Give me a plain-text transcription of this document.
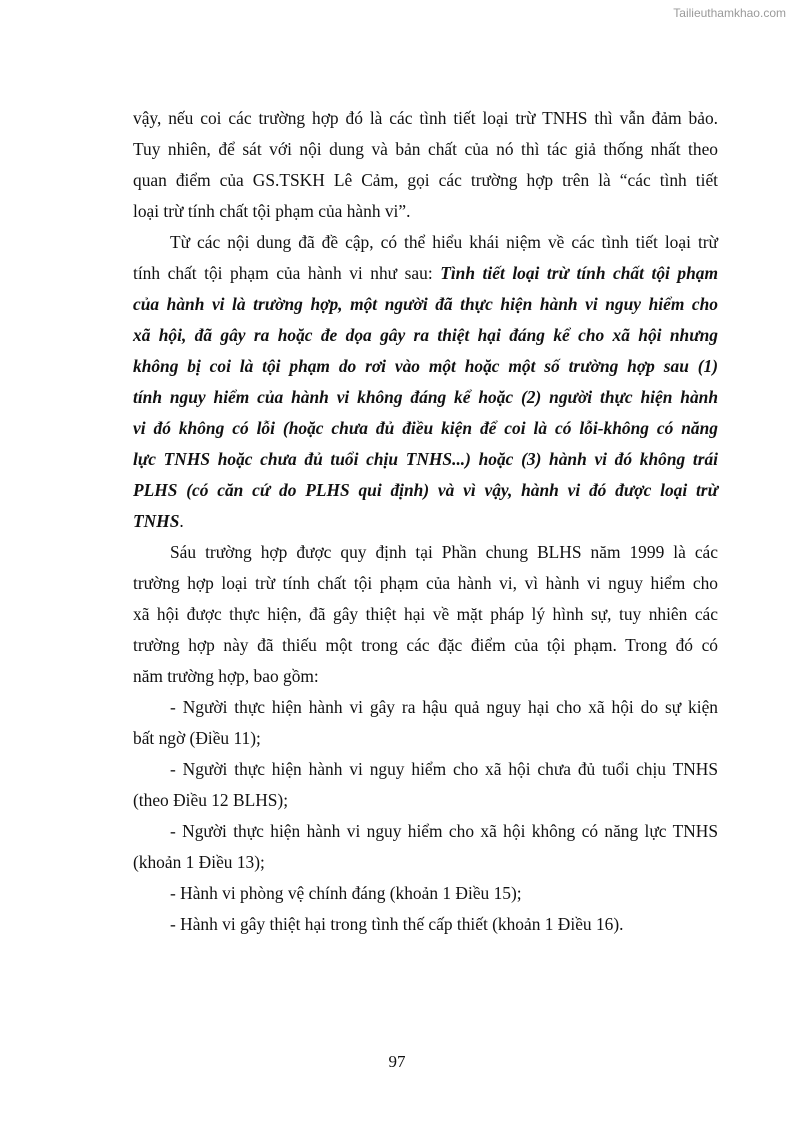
Tailieuthamkhao.com
vậy, nếu coi các trường hợp đó là các tình tiết loại trừ TNHS thì vẫn đảm bảo.
Tuy nhiên, để sát với nội dung và bản chất của nó thì tác giả thống nhất theo
quan điểm của GS.TSKH Lê Cảm, gọi các trường hợp trên là “các tình tiết
loại trừ tính chất tội phạm của hành vi”.
Từ các nội dung đã đề cập, có thể hiểu khái niệm về các tình tiết loại trừ
tính chất tội phạm của hành vi như sau: Tình tiết loại trừ tính chất tội phạm
của hành vi là trường hợp, một người đã thực hiện hành vi nguy hiểm cho
xã hội, đã gây ra hoặc đe dọa gây ra thiệt hại đáng kể cho xã hội nhưng
không bị coi là tội phạm do rơi vào một hoặc một số trường hợp sau (1)
tính nguy hiểm của hành vi không đáng kể hoặc (2) người thực hiện hành
vi đó không có lỗi (hoặc chưa đủ điều kiện để coi là có lỗi-không có năng
lực TNHS hoặc chưa đủ tuổi chịu TNHS...) hoặc (3) hành vi đó không trái
PLHS (có căn cứ do PLHS qui định) và vì vậy, hành vi đó được loại trừ
TNHS.
Sáu trường hợp được quy định tại Phần chung BLHS năm 1999 là các
trường hợp loại trừ tính chất tội phạm của hành vi, vì hành vi nguy hiểm cho
xã hội được thực hiện, đã gây thiệt hại về mặt pháp lý hình sự, tuy nhiên các
trường hợp này đã thiếu một trong các đặc điểm của tội phạm. Trong đó có
năm trường hợp, bao gồm:
- Người thực hiện hành vi gây ra hậu quả nguy hại cho xã hội do sự kiện
bất ngờ (Điều 11);
- Người thực hiện hành vi nguy hiểm cho xã hội chưa đủ tuổi chịu TNHS
(theo Điều 12 BLHS);
- Người thực hiện hành vi nguy hiểm cho xã hội không có năng lực TNHS
(khoản 1 Điều 13);
- Hành vi phòng vệ chính đáng (khoản 1 Điều 15);
- Hành vi gây thiệt hại trong tình thế cấp thiết (khoản 1 Điều 16).
97
